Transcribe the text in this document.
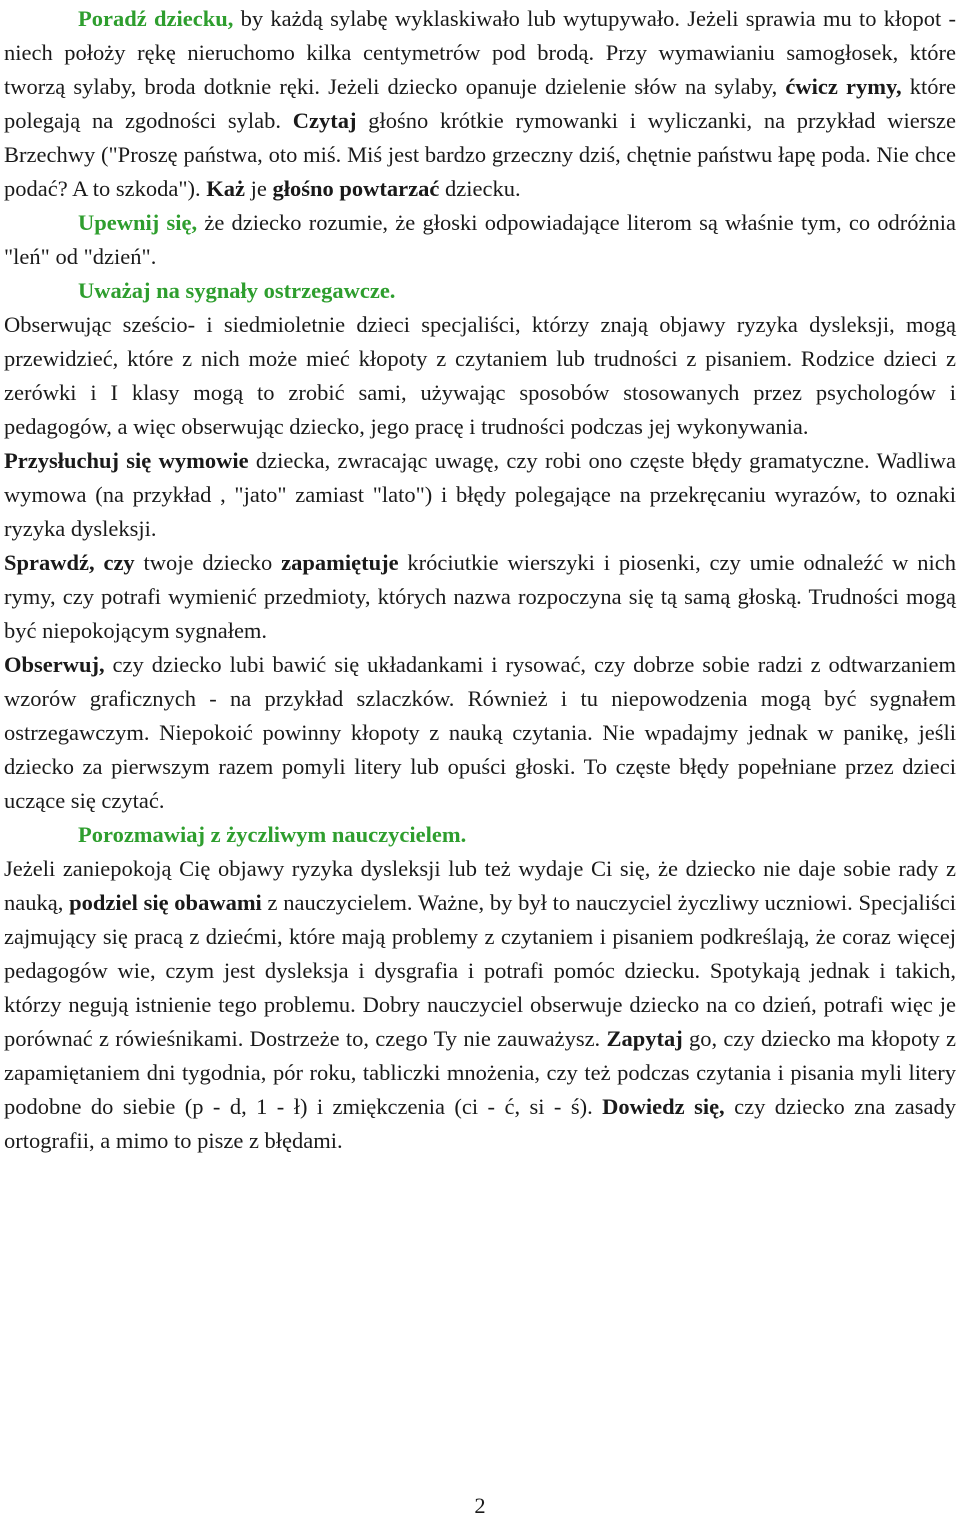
Poradź dziecku, by każdą sylabę wyklaskiwało lub wytupywało. Jeżeli sprawia mu to kłopot - niech położy rękę nieruchomo kilka centymetrów pod brodą. Przy wymawianiu samogłosek, które tworzą sylaby, broda dotknie ręki. Jeżeli dziecko opanuje dzielenie słów na sylaby, ćwicz rymy, które polegają na zgodności sylab. Czytaj głośno krótkie rymowanki i wyliczanki, na przykład wiersze Brzechwy ("Proszę państwa, oto miś. Miś jest bardzo grzeczny dziś, chętnie państwu łapę poda. Nie chce podać? A to szkoda"). Każ je głośno powtarzać dziecku.

Upewnij się, że dziecko rozumie, że głoski odpowiadające literom są właśnie tym, co odróżnia "leń" od "dzień".

Uważaj na sygnały ostrzegawcze.

Obserwując sześcio- i siedmioletnie dzieci specjaliści, którzy znają objawy ryzyka dysleksji, mogą przewidzieć, które z nich może mieć kłopoty z czytaniem lub trudności z pisaniem. Rodzice dzieci z zerówki i I klasy mogą to zrobić sami, używając sposobów stosowanych przez psychologów i pedagogów, a więc obserwując dziecko, jego pracę i trudności podczas jej wykonywania.

Przysłuchuj się wymowie dziecka, zwracając uwagę, czy robi ono częste błędy gramatyczne. Wadliwa wymowa (na przykład , "jato" zamiast "lato") i błędy polegające na przekręcaniu wyrazów, to oznaki ryzyka dysleksji.

Sprawdź, czy twoje dziecko zapamiętuje króciutkie wierszyki i piosenki, czy umie odnaleźć w nich rymy, czy potrafi wymienić przedmioty, których nazwa rozpoczyna się tą samą głoską. Trudności mogą być niepokojącym sygnałem.

Obserwuj, czy dziecko lubi bawić się układankami i rysować, czy dobrze sobie radzi z odtwarzaniem wzorów graficznych - na przykład szlaczków. Również i tu niepowodzenia mogą być sygnałem ostrzegawczym. Niepokoić powinny kłopoty z nauką czytania. Nie wpadajmy jednak w panikę, jeśli dziecko za pierwszym razem pomyli litery lub opuści głoski. To częste błędy popełniane przez dzieci uczące się czytać.

Porozmawiaj z życzliwym nauczycielem.

Jeżeli zaniepokoją Cię objawy ryzyka dysleksji lub też wydaje Ci się, że dziecko nie daje sobie rady z nauką, podziel się obawami z nauczycielem. Ważne, by był to nauczyciel życzliwy uczniowi. Specjaliści zajmujący się pracą z dziećmi, które mają problemy z czytaniem i pisaniem podkreślają, że coraz więcej pedagogów wie, czym jest dysleksja i dysgrafia i potrafi pomóc dziecku. Spotykają jednak i takich, którzy negują istnienie tego problemu. Dobry nauczyciel obserwuje dziecko na co dzień, potrafi więc je porównać z rówieśnikami. Dostrzeże to, czego Ty nie zauważysz. Zapytaj go, czy dziecko ma kłopoty z zapamiętaniem dni tygodnia, pór roku, tabliczki mnożenia, czy też podczas czytania i pisania myli litery podobne do siebie (p - d, 1 - ł) i zmiękczenia (ci - ć, si - ś). Dowiedz się, czy dziecko zna zasady ortografii, a mimo to pisze z błędami.

2
